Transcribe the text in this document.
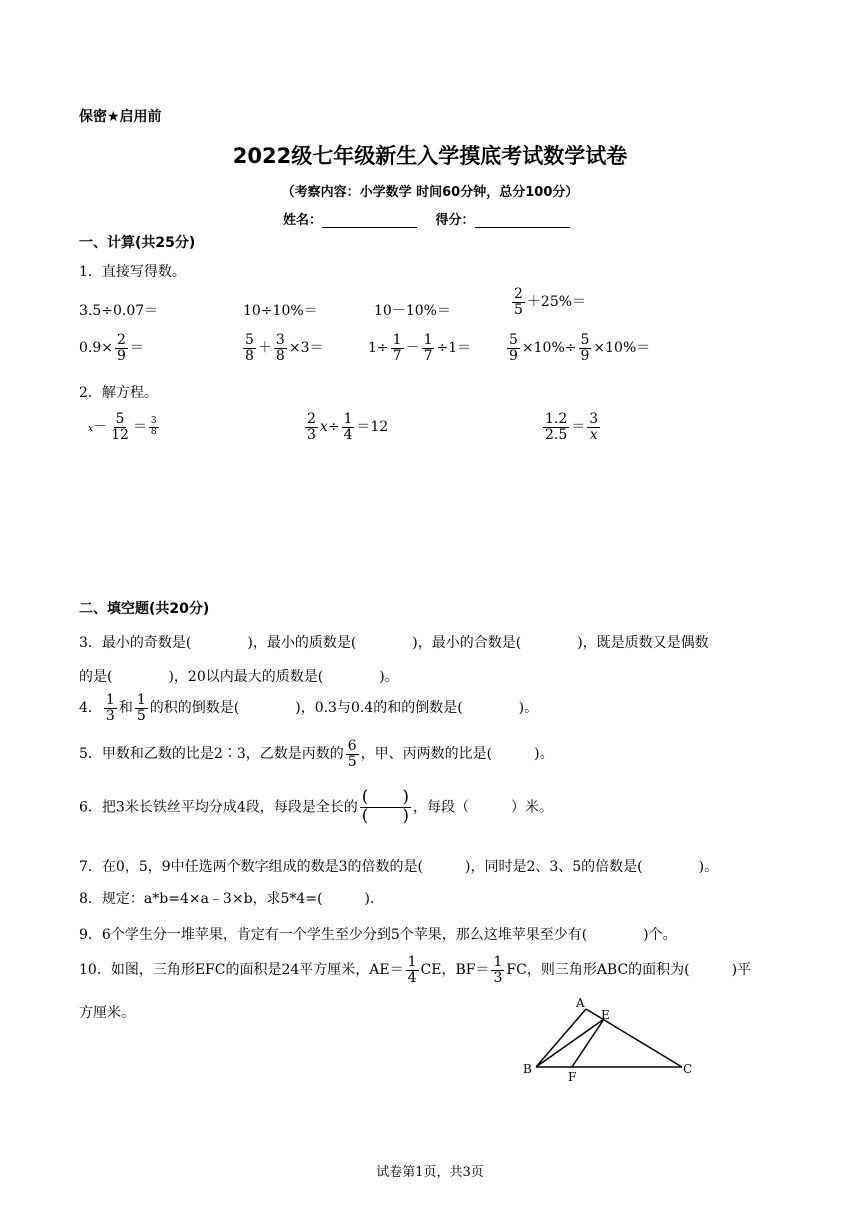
保密★启用前
2022级七年级新生入学摸底考试数学试卷
（考察内容：小学数学 时间60分钟，总分100分）
姓名：	得分：
一、计算(共25分)
1．直接写得数。
3.5÷0.07＝	10÷10%＝	10－10%＝	$\frac{2}{5} +25\%=$
$0.9\times \frac{2}{9}$ ＝	$\frac{5}{8} + \frac{3}{8} \times 3=$	$1\div \frac{1}{7} - \frac{1}{7} \div 1=$	$\frac{5}{9} \times 10\%\div \frac{5}{9} \times 10\%=$
2．解方程。
$x- \frac{5}{12} = \frac{3}{8}$	$\frac{2}{3} x\div \frac{1}{4} =12$	$\frac{1.2}{2.5} = \frac{3}{x}$
二、填空题(共20分)
3．最小的奇数是(　　　　)，最小的质数是(　　　　)，最小的合数是(　　　　)，既是质数又是偶数
的是(　　　　)，20以内最大的质数是(　　　　)。
4． $\frac{1}{3}$ 和 $\frac{1}{5}$ 的积的倒数是(　　　　)，0.3与0.4的和的倒数是(　　　　)。
5．甲数和乙数的比是2∶3，乙数是丙数的 $\frac{6}{5}$ ，甲、丙两数的比是(　　　)。
6．把3米长铁丝平均分成4段，每段是全长的 $\frac{( )}{( )}$ ，每段（　　　）米。
7．在0，5，9中任选两个数字组成的数是3的倍数的是(　　　)，同时是2、3、5的倍数是(　　　　)。
8．规定：a*b=4×a﹣3×b，求5*4=(　　　)．
9．6个学生分一堆苹果，肯定有一个学生至少分到5个苹果，那么这堆苹果至少有(　　　　)个。
10．如图，三角形EFC的面积是24平方厘米，$AE= \frac{1}{4}$ CE，$BF= \frac{1}{3}$ FC，则三角形ABC的面积为(　　　)平
方厘米。
A
B	C
E
F
试卷第1页，共3页
